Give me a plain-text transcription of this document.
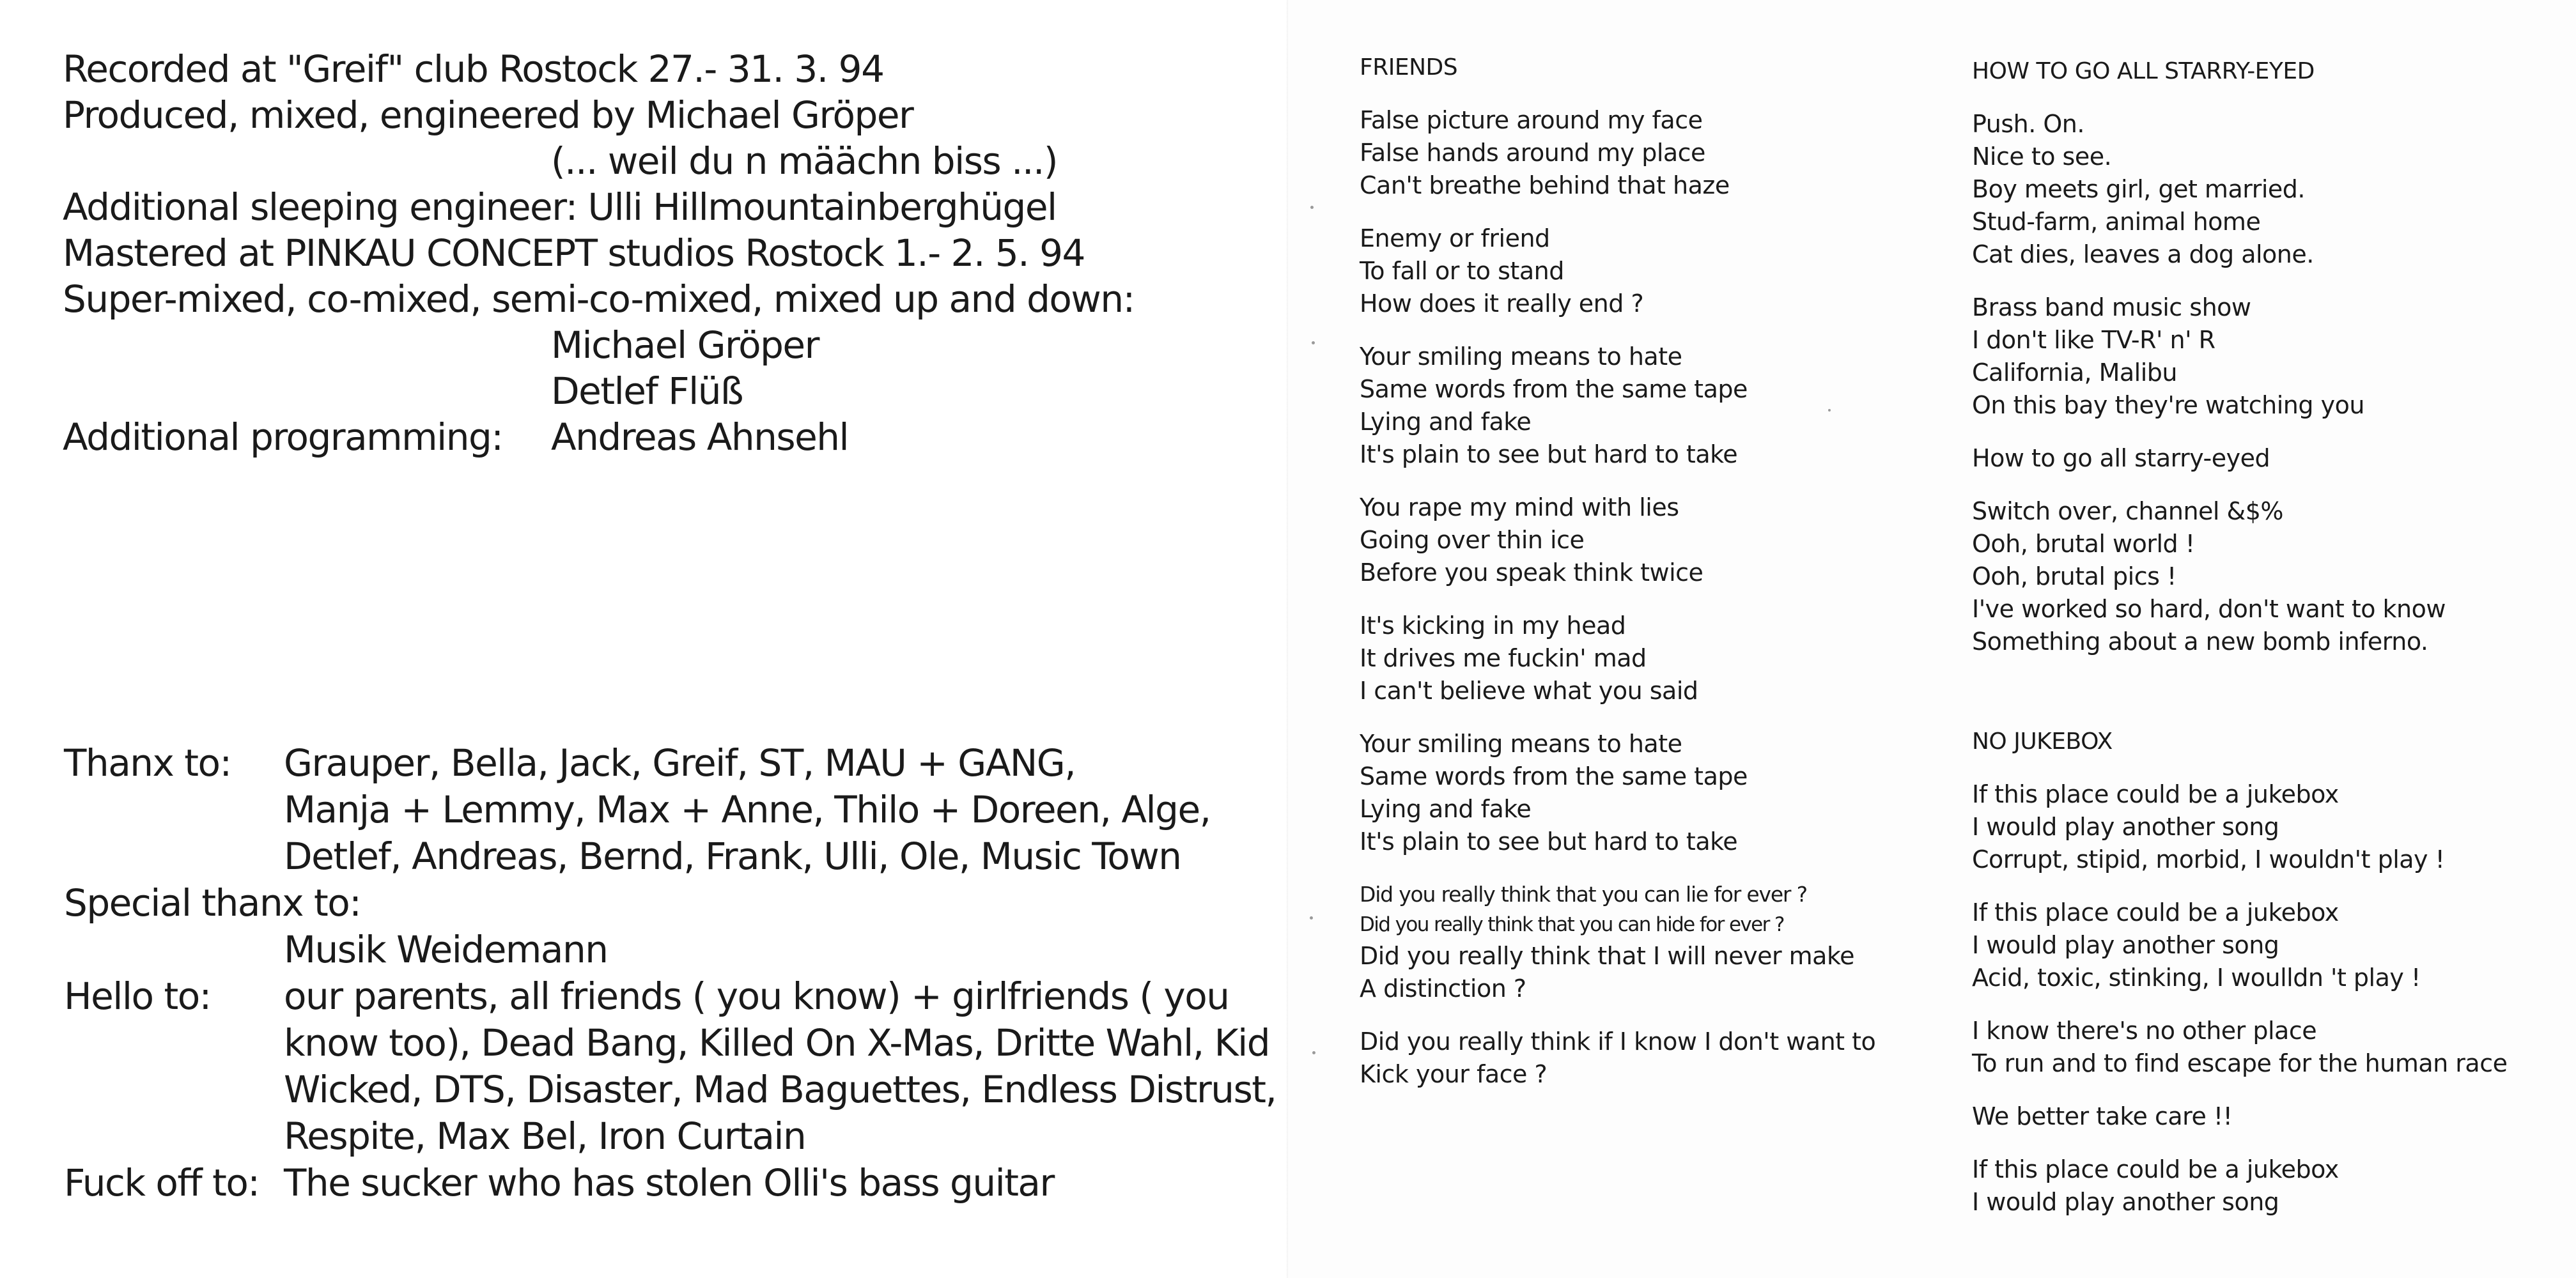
Recorded at "Greif" club Rostock 27.- 31. 3. 94
Produced, mixed, engineered by Michael Gröper
(... weil du n määchn biss ...)
Additional sleeping engineer: Ulli Hillmountainberghügel
Mastered at PINKAU CONCEPT studios Rostock 1.- 2. 5. 94
Super-mixed, co-mixed, semi-co-mixed, mixed up and down:
Michael Gröper
Detlef Flüß
Additional programming:	Andreas Ahnsehl
Thanx to:	Grauper, Bella, Jack, Greif, ST, MAU + GANG,
Manja + Lemmy, Max + Anne, Thilo + Doreen, Alge,
Detlef, Andreas, Bernd, Frank, Ulli, Ole, Music Town
Special thanx to:
Musik Weidemann
Hello to:	our parents, all friends ( you know) + girlfriends ( you
know too), Dead Bang, Killed On X-Mas, Dritte Wahl, Kid
Wicked, DTS, Disaster, Mad Baguettes, Endless Distrust,
Respite, Max Bel, Iron Curtain
Fuck off to: The sucker who has stolen Olli's bass guitar
FRIENDS
False picture around my face
False hands around my place
Can't breathe behind that haze
Enemy or friend
To fall or to stand
How does it really end ?
Your smiling means to hate
Same words from the same tape
Lying and fake
It's plain to see but hard to take
You rape my mind with lies
Going over thin ice
Before you speak think twice
It's kicking in my head
It drives me fuckin' mad
I can't believe what you said
Your smiling means to hate
Same words from the same tape
Lying and fake
It's plain to see but hard to take
Did you really think that you can lie for ever ?
Did you really think that you can hide for ever ?
Did you really think that I will never make
A distinction ?
Did you really think if I know I don't want to
Kick your face ?
HOW TO GO ALL STARRY-EYED
Push. On.
Nice to see.
Boy meets girl, get married.
Stud-farm, animal home
Cat dies, leaves a dog alone.
Brass band music show
I don't like TV-R' n' R
California, Malibu
On this bay they're watching you
How to go all starry-eyed
Switch over, channel &$%
Ooh, brutal world !
Ooh, brutal pics !
I've worked so hard, don't want to know
Something about a new bomb inferno.
NO JUKEBOX
If this place could be a jukebox
I would play another song
Corrupt, stipid, morbid, I wouldn't play !
If this place could be a jukebox
I would play another song
Acid, toxic, stinking, I woulldn 't play !
I know there's no other place
To run and to find escape for the human race
We better take care !!
If this place could be a jukebox
I would play another song
